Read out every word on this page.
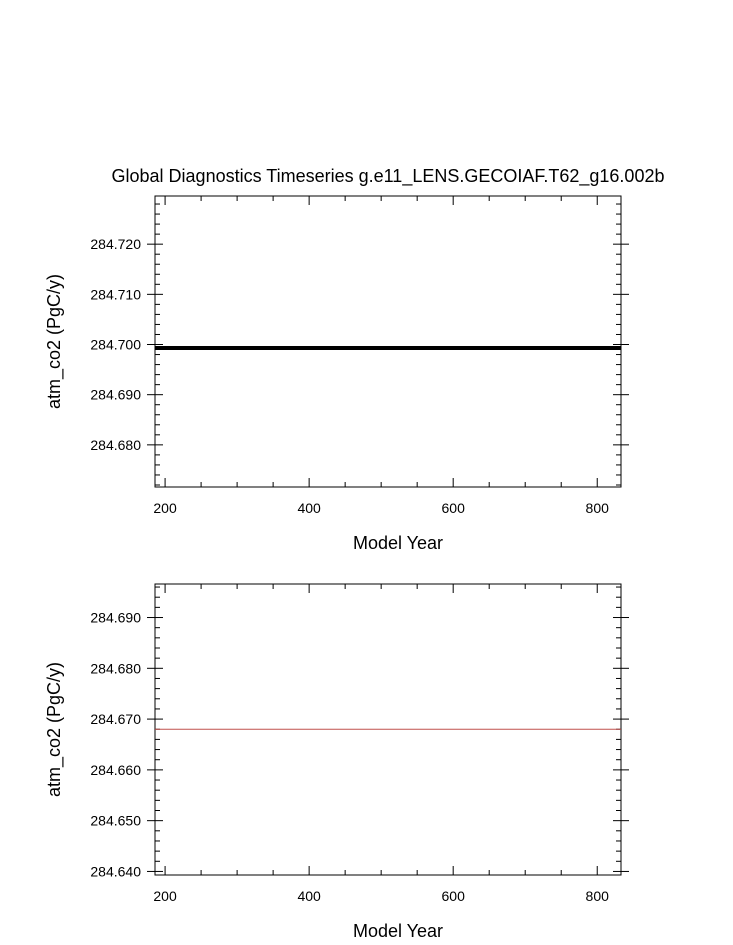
Global Diagnostics Timeseries g.e11_LENS.GECOIAF.T62_g16.002b
200	400	600	800
284.680
284.690
284.700
284.710
284.720
Model Year
atm_co2 (PgC/y)
200	400	600	800
284.640
284.650
284.660
284.670
284.680
284.690
Model Year
atm_co2 (PgC/y)
